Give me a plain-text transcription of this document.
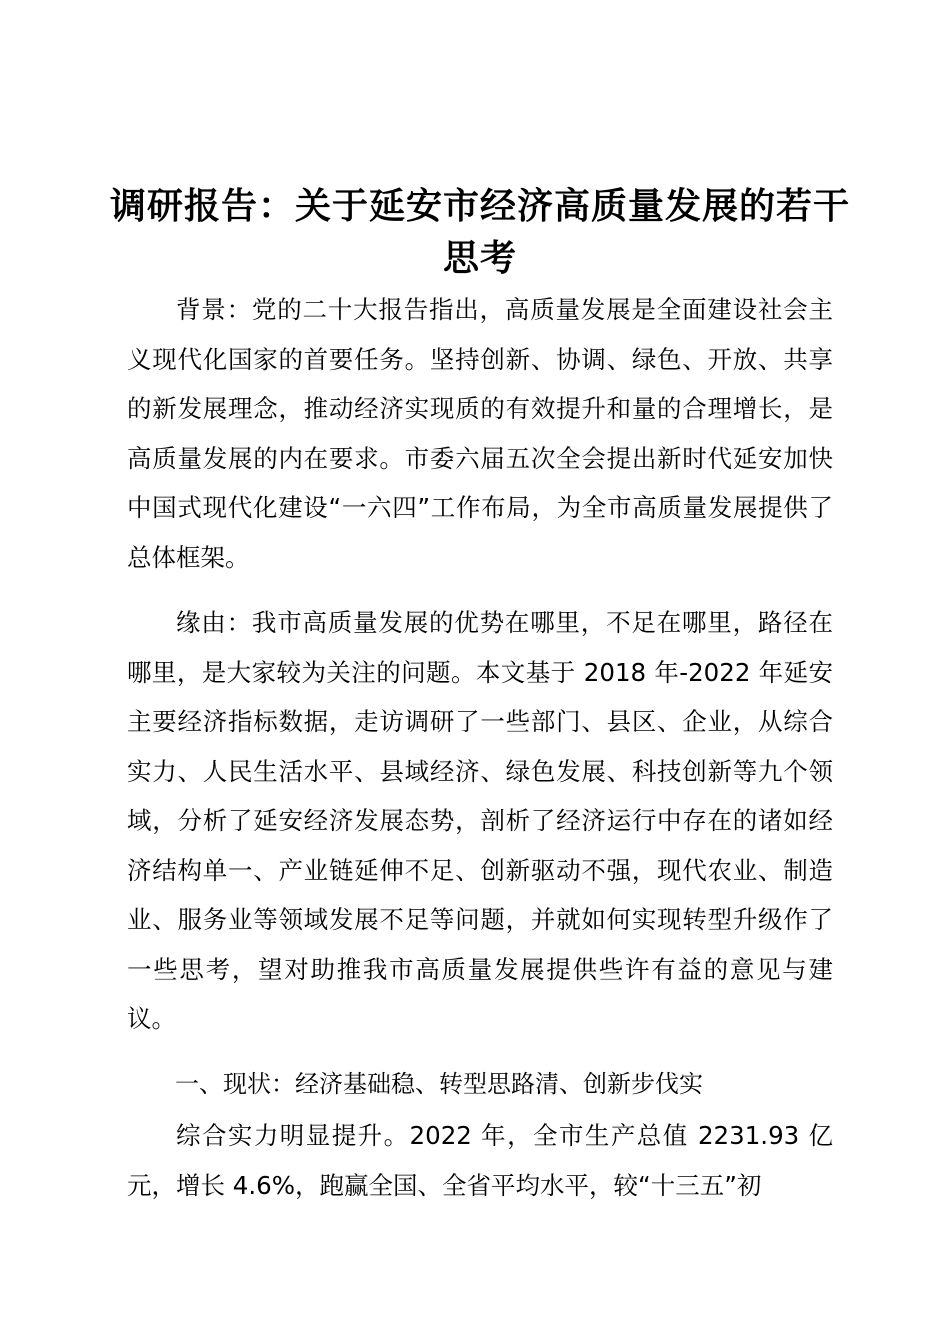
调研报告：关于延安市经济高质量发展的若干思考

背景：党的二十大报告指出，高质量发展是全面建设社会主义现代化国家的首要任务。坚持创新、协调、绿色、开放、共享的新发展理念，推动经济实现质的有效提升和量的合理增长，是高质量发展的内在要求。市委六届五次全会提出新时代延安加快中国式现代化建设“一六四”工作布局，为全市高质量发展提供了总体框架。

缘由：我市高质量发展的优势在哪里，不足在哪里，路径在哪里，是大家较为关注的问题。本文基于 2018 年-2022 年延安主要经济指标数据，走访调研了一些部门、县区、企业，从综合实力、人民生活水平、县域经济、绿色发展、科技创新等九个领域，分析了延安经济发展态势，剖析了经济运行中存在的诸如经济结构单一、产业链延伸不足、创新驱动不强，现代农业、制造业、服务业等领域发展不足等问题，并就如何实现转型升级作了一些思考，望对助推我市高质量发展提供些许有益的意见与建议。

一、现状：经济基础稳、转型思路清、创新步伐实

综合实力明显提升。2022 年，全市生产总值 2231.93 亿元，增长 4.6%，跑赢全国、全省平均水平，较“十三五”初
